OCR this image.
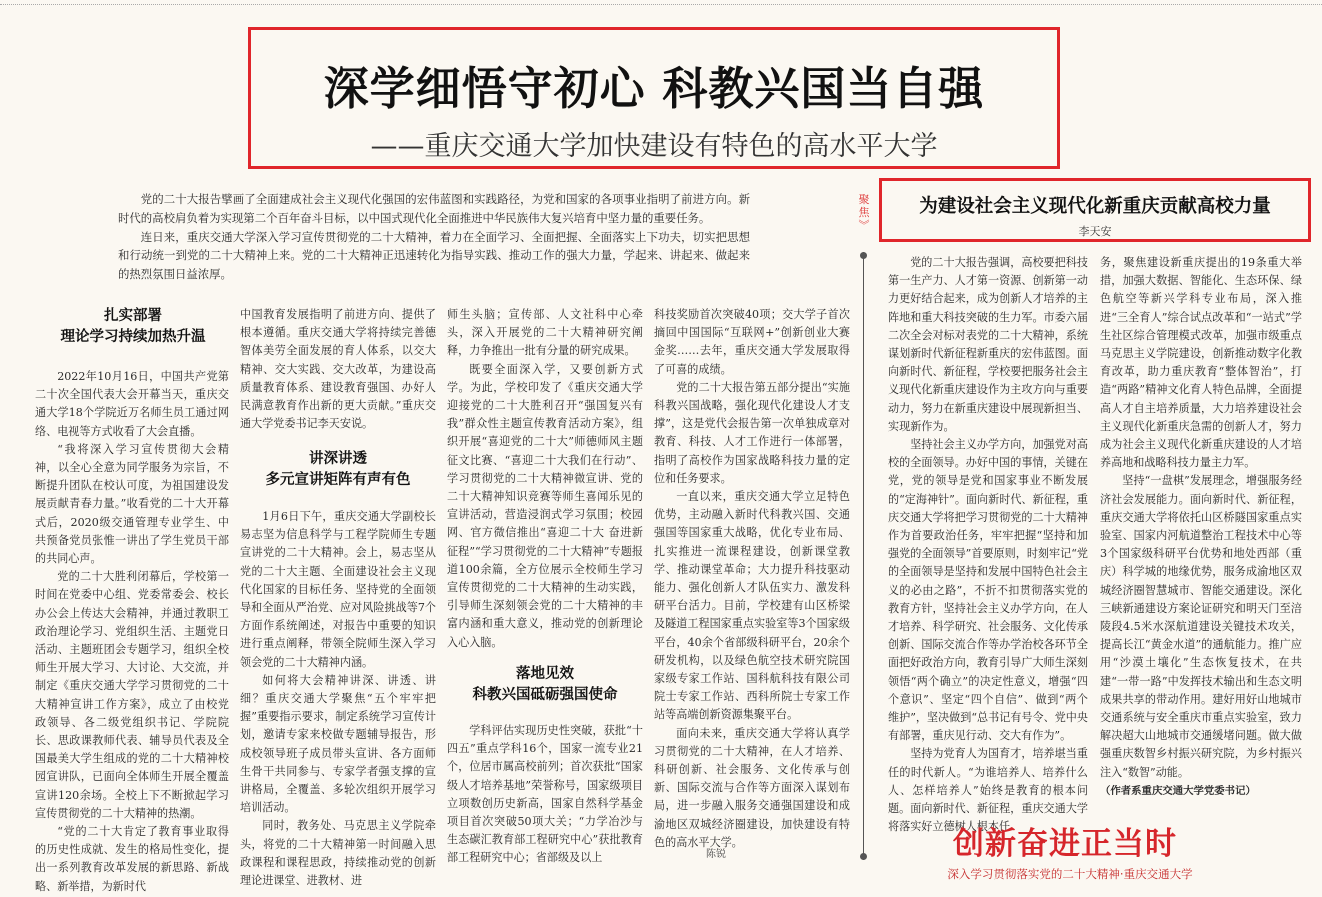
深学细悟守初心 科教兴国当自强
——重庆交通大学加快建设有特色的高水平大学

党的二十大报告擘画了全面建成社会主义现代化强国的宏伟蓝图和实践路径，为党和国家的各项事业指明了前进方向。新时代的高校肩负着为实现第二个百年奋斗目标，以中国式现代化全面推进中华民族伟大复兴培育中坚力量的重要任务。

连日来，重庆交通大学深入学习宣传贯彻党的二十大精神，着力在全面学习、全面把握、全面落实上下功夫，切实把思想和行动统一到党的二十大精神上来。党的二十大精神正迅速转化为指导实践、推动工作的强大力量，学起来、讲起来、做起来的热烈氛围日益浓厚。

扎实部署
理论学习持续加热升温

2022年10月16日，中国共产党第二十次全国代表大会开幕当天，重庆交通大学18个学院近万名师生员工通过网络、电视等方式收看了大会直播。

“我将深入学习宣传贯彻大会精神，以全心全意为同学服务为宗旨，不断提升团队在校认可度，为祖国建设发展贡献青春力量。”收看党的二十大开幕式后，2020级交通管理专业学生、中共预备党员张惟一讲出了学生党员干部的共同心声。

党的二十大胜利闭幕后，学校第一时间在党委中心组、党委常委会、校长办公会上传达大会精神，并通过教职工政治理论学习、党组织生活、主题党日活动、主题班团会专题学习，组织全校师生开展大学习、大讨论、大交流，并制定《重庆交通大学学习贯彻党的二十大精神宣讲工作方案》，成立了由校党政领导、各二级党组织书记、学院院长、思政课教师代表、辅导员代表及全国最美大学生组成的党的二十大精神校园宣讲队，已面向全体师生开展全覆盖宣讲120余场。全校上下不断掀起学习宣传贯彻党的二十大精神的热潮。

“党的二十大肯定了教育事业取得的历史性成就、发生的格局性变化，提出一系列教育改革发展的新思路、新战略、新举措，为新时代

中国教育发展指明了前进方向、提供了根本遵循。重庆交通大学将持续完善德智体美劳全面发展的育人体系，以交大精神、交大实践、交大改革，为建设高质量教育体系、建设教育强国、办好人民满意教育作出新的更大贡献。”重庆交通大学党委书记李天安说。

讲深讲透
多元宣讲矩阵有声有色

1月6日下午，重庆交通大学副校长易志坚为信息科学与工程学院师生专题宣讲党的二十大精神。会上，易志坚从党的二十大主题、全面建设社会主义现代化国家的目标任务、坚持党的全面领导和全面从严治党、应对风险挑战等7个方面作系统阐述，对报告中重要的知识进行重点阐释，带领全院师生深入学习领会党的二十大精神内涵。

如何将大会精神讲深、讲透、讲细？重庆交通大学聚焦“五个牢牢把握”重要指示要求，制定系统学习宣传计划，邀请专家来校做专题辅导报告，形成校领导班子成员带头宣讲、各方面师生骨干共同参与、专家学者强支撑的宣讲格局，全覆盖、多轮次组织开展学习培训活动。

同时，教务处、马克思主义学院牵头，将党的二十大精神第一时间融入思政课程和课程思政，持续推动党的创新理论进课堂、进教材、进

师生头脑；宣传部、人文社科中心牵头，深入开展党的二十大精神研究阐释，力争推出一批有分量的研究成果。

既要全面深入学，又要创新方式学。为此，学校印发了《重庆交通大学迎接党的二十大胜利召开“强国复兴有我”群众性主题宣传教育活动方案》，组织开展“喜迎党的二十大”师德师风主题征文比赛、“喜迎二十大我们在行动”、学习贯彻党的二十大精神微宣讲、党的二十大精神知识竞赛等师生喜闻乐见的宣讲活动，营造浸润式学习氛围；校园网、官方微信推出“喜迎二十大 奋进新征程”“学习贯彻党的二十大精神”专题报道100余篇，全方位展示全校师生学习宣传贯彻党的二十大精神的生动实践，引导师生深刻领会党的二十大精神的丰富内涵和重大意义，推动党的创新理论入心入脑。

落地见效
科教兴国砥砺强国使命

学科评估实现历史性突破，获批“十四五”重点学科16个，国家一流专业21个，位居市属高校前列；首次获批“国家级人才培养基地”荣誉称号，国家级项目立项数创历史新高，国家自然科学基金项目首次突破50项大关；“力学冶沙与生态碳汇教育部工程研究中心”获批教育部工程研究中心；省部级及以上

科技奖励首次突破40项；交大学子首次摘回中国国际“互联网+”创新创业大赛金奖……去年，重庆交通大学发展取得了可喜的成绩。

党的二十大报告第五部分提出“实施科教兴国战略，强化现代化建设人才支撑”，这是党代会报告第一次单独成章对教育、科技、人才工作进行一体部署，指明了高校作为国家战略科技力量的定位和任务要求。

一直以来，重庆交通大学立足特色优势，主动融入新时代科教兴国、交通强国等国家重大战略，优化专业布局、扎实推进一流课程建设，创新课堂教学、推动课堂革命；大力提升科技驱动能力、强化创新人才队伍实力、激发科研平台活力。目前，学校建有山区桥梁及隧道工程国家重点实验室等3个国家级平台，40余个省部级科研平台，20余个研发机构，以及绿色航空技术研究院国家级专家工作站、国科航科技有限公司院士专家工作站、西科所院士专家工作站等高端创新资源集聚平台。

面向未来，重庆交通大学将认真学习贯彻党的二十大精神，在人才培养、科研创新、社会服务、文化传承与创新、国际交流与合作等方面深入谋划布局，进一步融入服务交通强国建设和成渝地区双城经济圈建设，加快建设有特色的高水平大学。

陈锐
聚焦
︾
为建设社会主义现代化新重庆贡献高校力量
李天安

党的二十大报告强调，高校要把科技第一生产力、人才第一资源、创新第一动力更好结合起来，成为创新人才培养的主阵地和重大科技突破的生力军。市委六届二次全会对标对表党的二十大精神，系统谋划新时代新征程新重庆的宏伟蓝图。面向新时代、新征程，学校要把服务社会主义现代化新重庆建设作为主攻方向与重要动力，努力在新重庆建设中展现新担当、实现新作为。

坚持社会主义办学方向，加强党对高校的全面领导。办好中国的事情，关键在党，党的领导是党和国家事业不断发展的“定海神针”。面向新时代、新征程，重庆交通大学将把学习贯彻党的二十大精神作为首要政治任务，牢牢把握“坚持和加强党的全面领导”首要原则，时刻牢记“党的全面领导是坚持和发展中国特色社会主义的必由之路”，不折不扣贯彻落实党的教育方针，坚持社会主义办学方向，在人才培养、科学研究、社会服务、文化传承创新、国际交流合作等办学治校各环节全面把好政治方向，教育引导广大师生深刻领悟“两个确立”的决定性意义，增强“四个意识”、坚定“四个自信”、做到“两个维护”，坚决做到“总书记有号令、党中央有部署，重庆见行动、交大有作为”。

坚持为党育人为国育才，培养堪当重任的时代新人。“为谁培养人、培养什么人、怎样培养人”始终是教育的根本问题。面向新时代、新征程，重庆交通大学将落实好立德树人根本任

务，聚焦建设新重庆提出的19条重大举措，加强大数据、智能化、生态环保、绿色航空等新兴学科专业布局，深入推进“三全育人”综合试点改革和“一站式”学生社区综合管理模式改革，加强市级重点马克思主义学院建设，创新推动数字化教育改革，助力重庆教育“整体智治”，打造“两路”精神文化育人特色品牌，全面提高人才自主培养质量，大力培养建设社会主义现代化新重庆急需的创新人才，努力成为社会主义现代化新重庆建设的人才培养高地和战略科技力量主力军。

坚持“一盘棋”发展理念，增强服务经济社会发展能力。面向新时代、新征程，重庆交通大学将依托山区桥隧国家重点实验室、国家内河航道整治工程技术中心等3个国家级科研平台优势和地处西部（重庆）科学城的地缘优势，服务成渝地区双城经济圈智慧城市、智能交通建设。深化三峡新通建设方案论证研究和明天门至涪陵段4.5米水深航道建设关键技术攻关，提高长江“黄金水道”的通航能力。推广应用“沙漠土壤化”生态恢复技术，在共建“一带一路”中发挥技术输出和生态文明成果共享的带动作用。建好用好山地城市交通系统与安全重庆市重点实验室，致力解决超大山地城市交通缓堵问题。做大做强重庆数智乡村振兴研究院，为乡村振兴注入“数智”动能。

（作者系重庆交通大学党委书记）

创新奋进正当时
深入学习贯彻落实党的二十大精神·重庆交通大学
